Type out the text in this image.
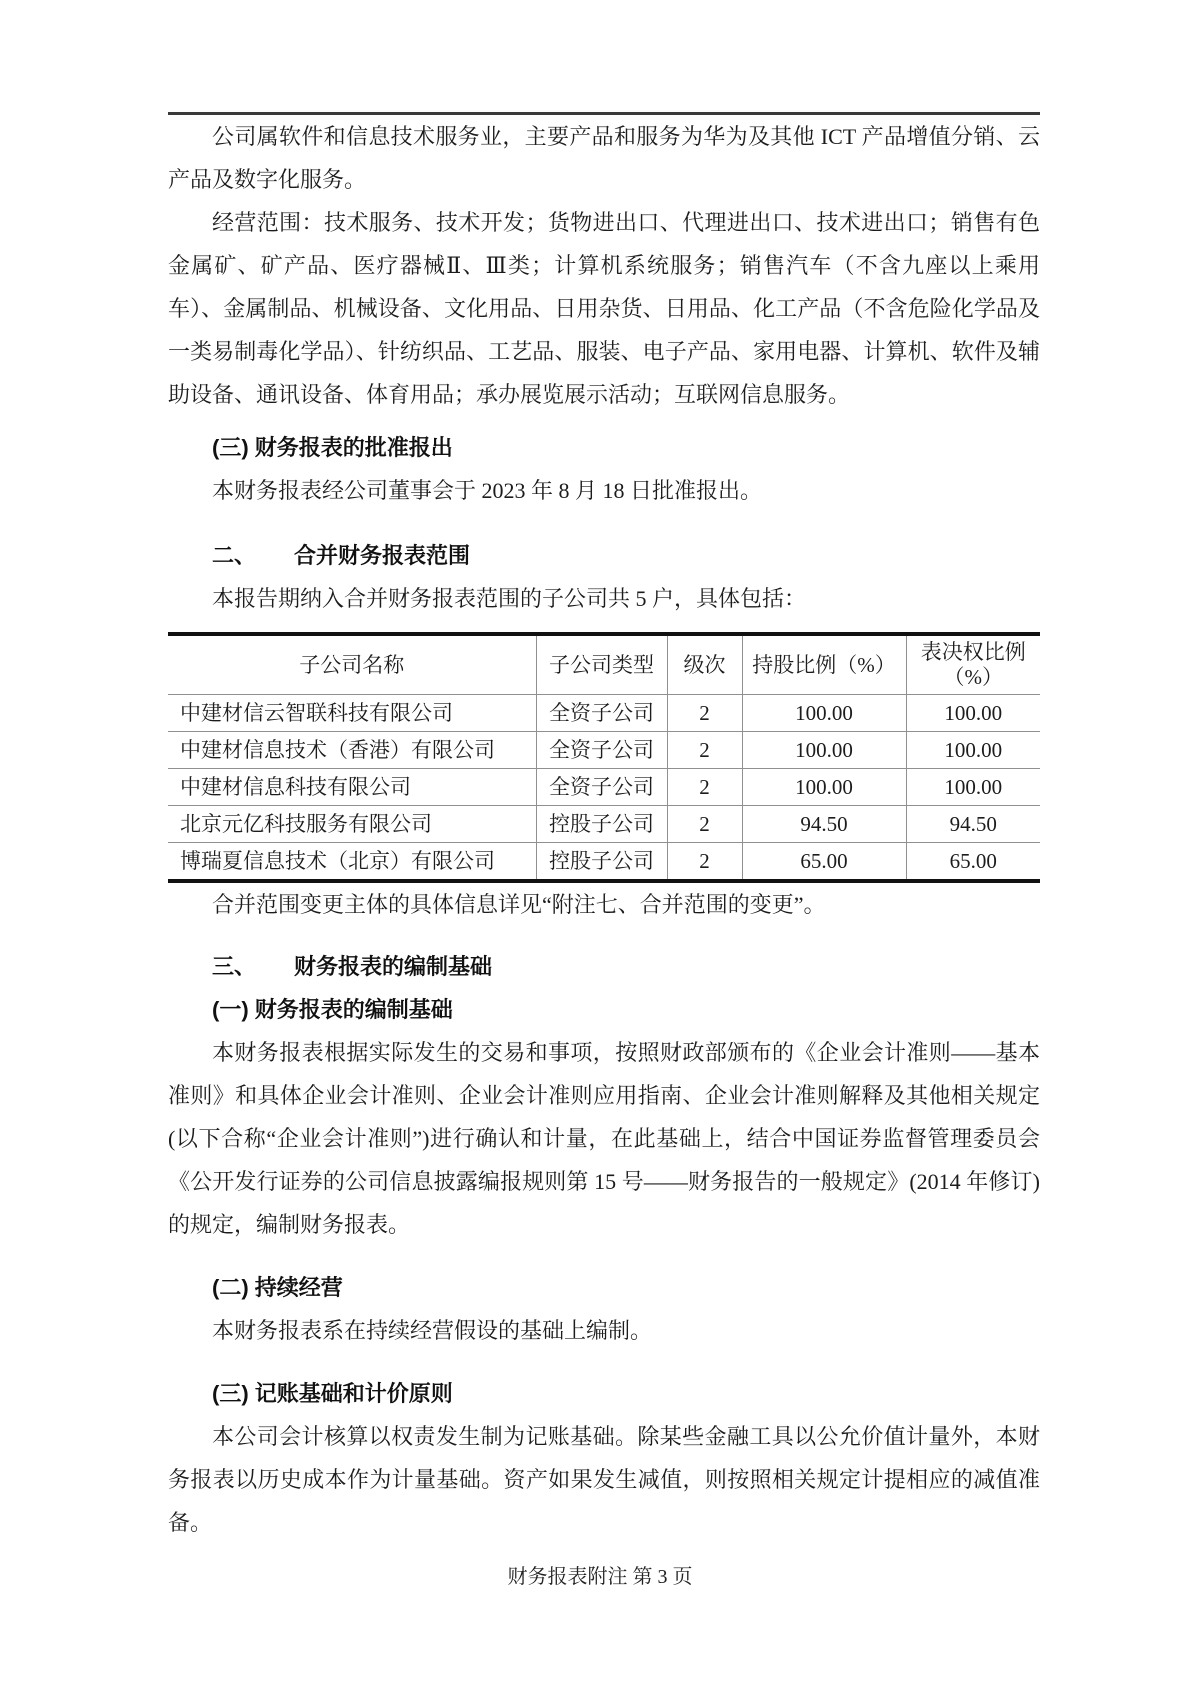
公司属软件和信息技术服务业，主要产品和服务为华为及其他 ICT 产品增值分销、云产品及数字化服务。

经营范围：技术服务、技术开发；货物进出口、代理进出口、技术进出口；销售有色金属矿、矿产品、医疗器械Ⅱ、Ⅲ类；计算机系统服务；销售汽车（不含九座以上乘用车）、金属制品、机械设备、文化用品、日用杂货、日用品、化工产品（不含危险化学品及一类易制毒化学品）、针纺织品、工艺品、服装、电子产品、家用电器、计算机、软件及辅助设备、通讯设备、体育用品；承办展览展示活动；互联网信息服务。

(三) 财务报表的批准报出

本财务报表经公司董事会于 2023 年 8 月 18 日批准报出。

二、 合并财务报表范围

本报告期纳入合并财务报表范围的子公司共 5 户，具体包括：

子公司名称	子公司类型	级次	持股比例（%）	表决权比例（%）
中建材信云智联科技有限公司	全资子公司	2	100.00	100.00
中建材信息技术（香港）有限公司	全资子公司	2	100.00	100.00
中建材信息科技有限公司	全资子公司	2	100.00	100.00
北京元亿科技服务有限公司	控股子公司	2	94.50	94.50
博瑞夏信息技术（北京）有限公司	控股子公司	2	65.00	65.00

合并范围变更主体的具体信息详见“附注七、合并范围的变更”。

三、 财务报表的编制基础
(一) 财务报表的编制基础

本财务报表根据实际发生的交易和事项，按照财政部颁布的《企业会计准则——基本准则》和具体企业会计准则、企业会计准则应用指南、企业会计准则解释及其他相关规定(以下合称“企业会计准则”)进行确认和计量，在此基础上，结合中国证券监督管理委员会《公开发行证券的公司信息披露编报规则第 15 号——财务报告的一般规定》(2014 年修订)的规定，编制财务报表。

(二) 持续经营

本财务报表系在持续经营假设的基础上编制。

(三) 记账基础和计价原则

本公司会计核算以权责发生制为记账基础。除某些金融工具以公允价值计量外，本财务报表以历史成本作为计量基础。资产如果发生减值，则按照相关规定计提相应的减值准备。

财务报表附注 第 3 页
